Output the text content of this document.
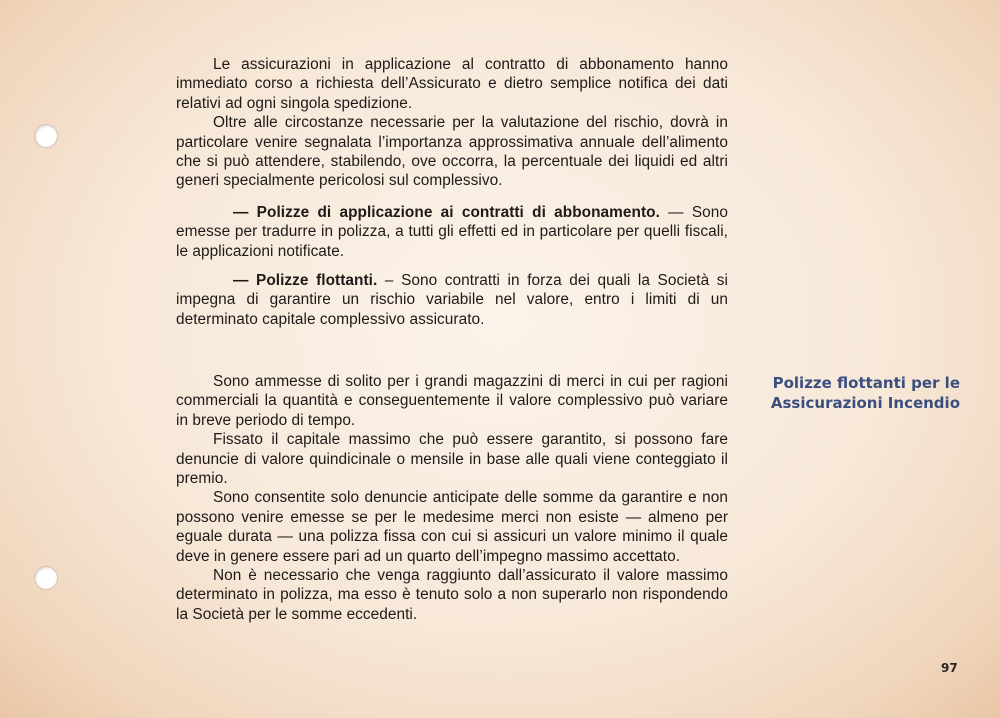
Le assicurazioni in applicazione al contratto di abbonamento hanno immediato corso a richiesta dell’Assicurato e dietro semplice notifica dei dati relativi ad ogni singola spedizione.

Oltre alle circostanze necessarie per la valutazione del rischio, dovrà in particolare venire segnalata l’importanza approssimativa annuale dell’alimento che si può attendere, stabilendo, ove occorra, la percentuale dei liquidi ed altri generi specialmente pericolosi sul complessivo.

— Polizze di applicazione ai contratti di abbonamento. — Sono emesse per tradurre in polizza, a tutti gli effetti ed in particolare per quelli fiscali, le applicazioni notificate.

— Polizze flottanti. – Sono contratti in forza dei quali la Società si impegna di garantire un rischio variabile nel valore, entro i limiti di un determinato capitale complessivo assicurato.

Sono ammesse di solito per i grandi magazzini di merci in cui per ragioni commerciali la quantità e conseguentemente il valore complessivo può variare in breve periodo di tempo.

Fissato il capitale massimo che può essere garantito, si possono fare denuncie di valore quindicinale o mensile in base alle quali viene conteggiato il premio.

Sono consentite solo denuncie anticipate delle somme da garantire e non possono venire emesse se per le medesime merci non esiste — almeno per eguale durata — una polizza fissa con cui si assicuri un valore minimo il quale deve in genere essere pari ad un quarto dell’impegno massimo accettato.

Non è necessario che venga raggiunto dall’assicurato il valore massimo determinato in polizza, ma esso è tenuto solo a non superarlo non rispondendo la Società per le somme eccedenti.

Polizze flottanti per le
Assicurazioni Incendio
97
